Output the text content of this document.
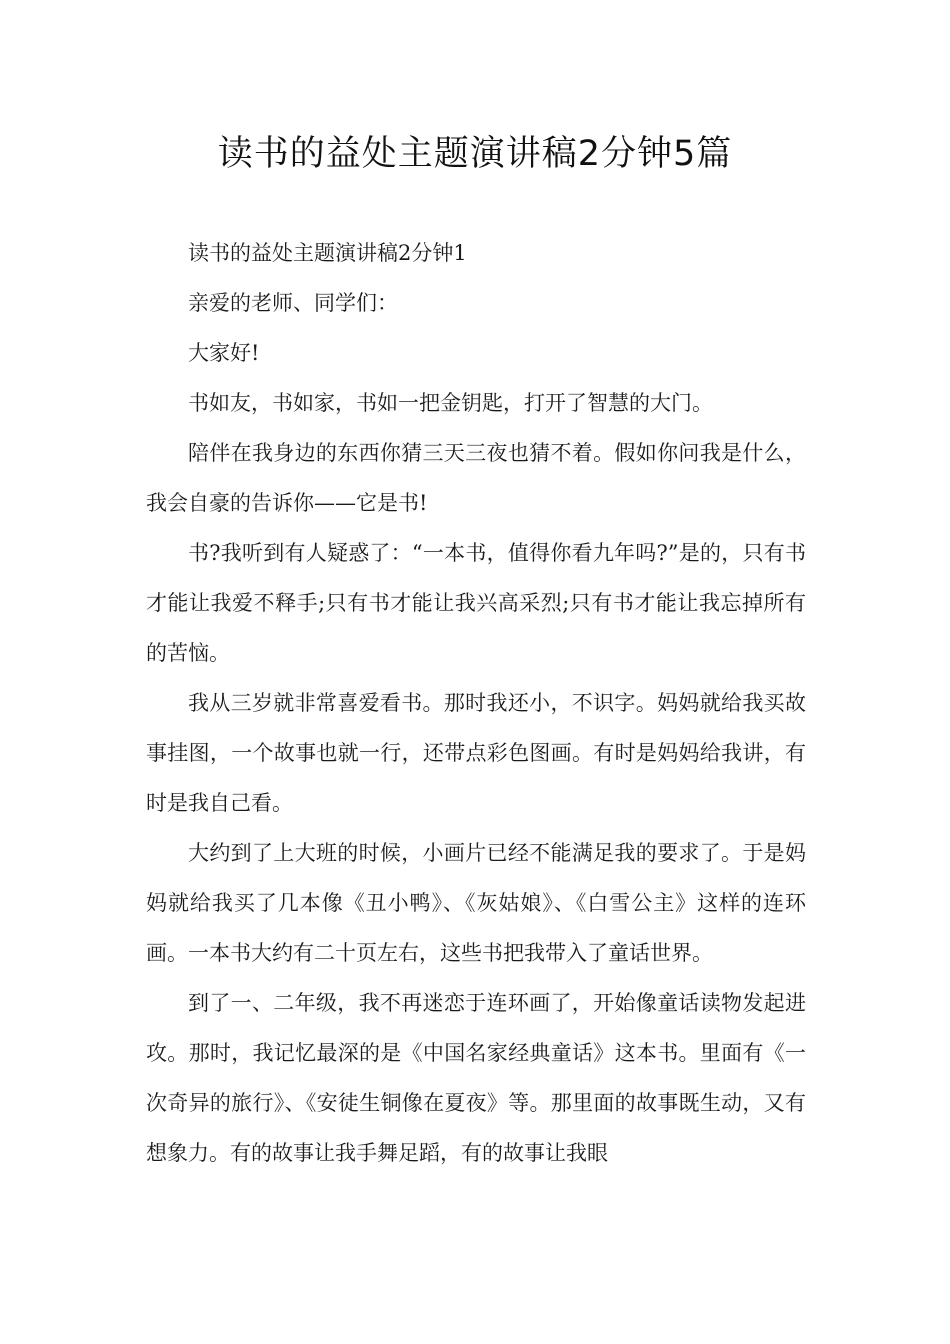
读书的益处主题演讲稿2分钟5篇

读书的益处主题演讲稿2分钟1

亲爱的老师、同学们：

大家好!

书如友，书如家，书如一把金钥匙，打开了智慧的大门。

陪伴在我身边的东西你猜三天三夜也猜不着。假如你问我是什么，我会自豪的告诉你——它是书!

书?我听到有人疑惑了：“一本书，值得你看九年吗?”是的，只有书才能让我爱不释手;只有书才能让我兴高采烈;只有书才能让我忘掉所有的苦恼。

我从三岁就非常喜爱看书。那时我还小，不识字。妈妈就给我买故事挂图，一个故事也就一行，还带点彩色图画。有时是妈妈给我讲，有时是我自己看。

大约到了上大班的时候，小画片已经不能满足我的要求了。于是妈妈就给我买了几本像《丑小鸭》、《灰姑娘》、《白雪公主》这样的连环画。一本书大约有二十页左右，这些书把我带入了童话世界。

到了一、二年级，我不再迷恋于连环画了，开始像童话读物发起进攻。那时，我记忆最深的是《中国名家经典童话》这本书。里面有《一次奇异的旅行》、《安徒生铜像在夏夜》等。那里面的故事既生动，又有想象力。有的故事让我手舞足蹈，有的故事让我眼
